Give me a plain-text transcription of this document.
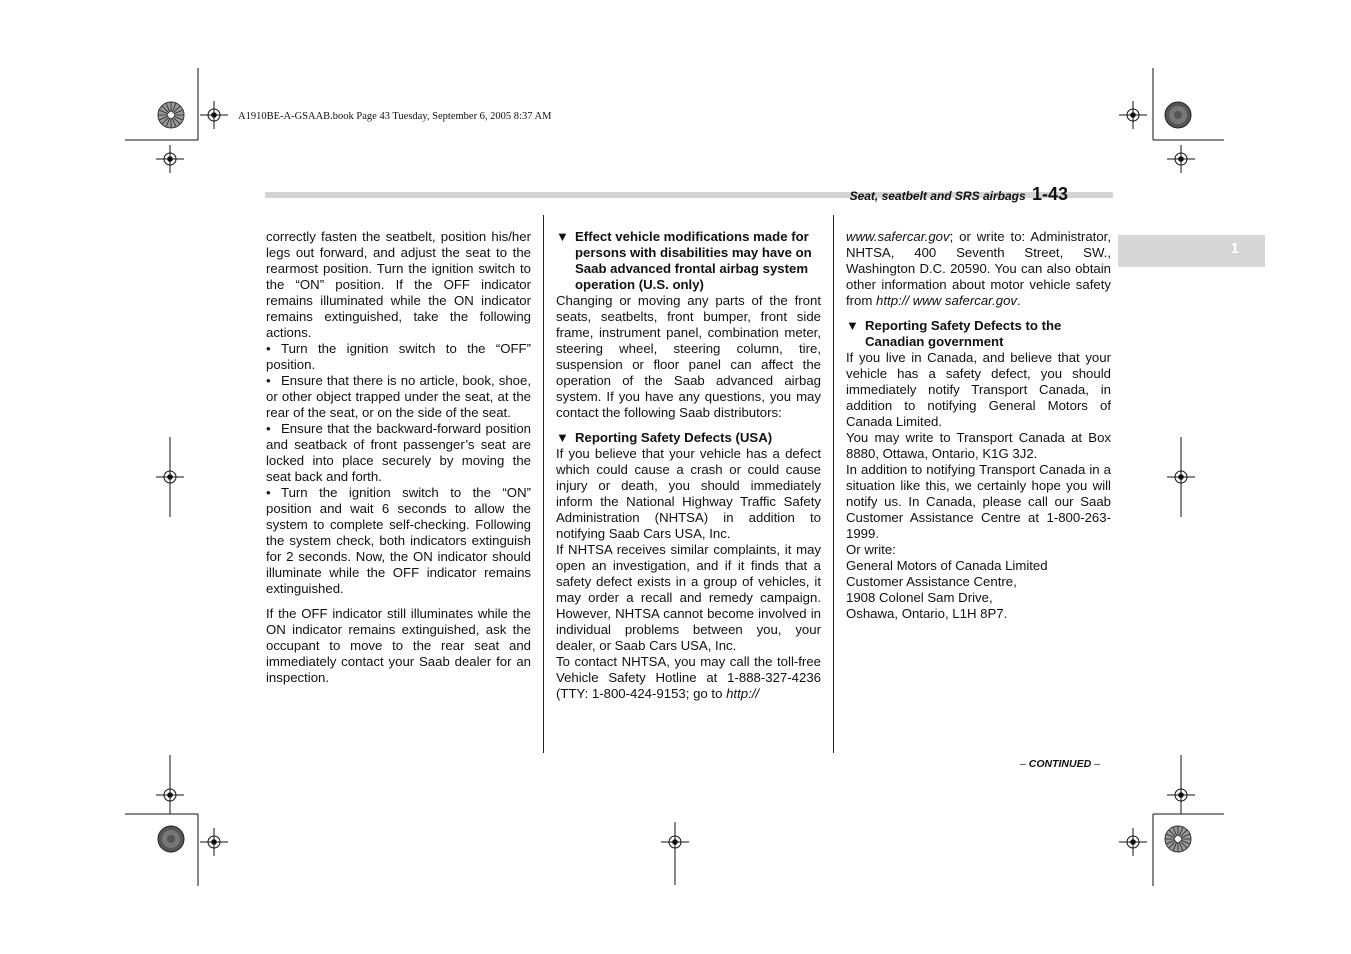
A1910BE-A-GSAAB.book Page 43 Tuesday, September 6, 2005 8:37 AM
Seat, seatbelt and SRS airbags 1-43
1

correctly fasten the seatbelt, position his/her legs out forward, and adjust the seat to the rearmost position. Turn the ignition switch to the “ON” position. If the OFF indicator remains illuminated while the ON indicator remains extinguished, take the following actions.

• Turn the ignition switch to the “OFF” position.

• Ensure that there is no article, book, shoe, or other object trapped under the seat, at the rear of the seat, or on the side of the seat.

• Ensure that the backward-forward position and seatback of front passenger’s seat are locked into place securely by moving the seat back and forth.

• Turn the ignition switch to the “ON” position and wait 6 seconds to allow the system to complete self-checking. Following the system check, both indicators extinguish for 2 seconds. Now, the ON indicator should illuminate while the OFF indicator remains extinguished.

If the OFF indicator still illuminates while the ON indicator remains extinguished, ask the occupant to move to the rear seat and immediately contact your Saab dealer for an inspection.

▼ Effect vehicle modifications made for persons with disabilities may have on Saab advanced frontal airbag system operation (U.S. only)

Changing or moving any parts of the front seats, seatbelts, front bumper, front side frame, instrument panel, combination meter, steering wheel, steering column, tire, suspension or floor panel can affect the operation of the Saab advanced airbag system. If you have any questions, you may contact the following Saab distributors:

▼ Reporting Safety Defects (USA)

If you believe that your vehicle has a defect which could cause a crash or could cause injury or death, you should immediately inform the National Highway Traffic Safety Administration (NHTSA) in addition to notifying Saab Cars USA, Inc.

If NHTSA receives similar complaints, it may open an investigation, and if it finds that a safety defect exists in a group of vehicles, it may order a recall and remedy campaign. However, NHTSA cannot become involved in individual problems between you, your dealer, or Saab Cars USA, Inc.

To contact NHTSA, you may call the toll-free Vehicle Safety Hotline at 1-888-327-4236 (TTY: 1-800-424-9153; go to http://

www.safercar.gov; or write to: Administrator, NHTSA, 400 Seventh Street, SW., Washington D.C. 20590. You can also obtain other information about motor vehicle safety from http:// www safercar.gov.

▼ Reporting Safety Defects to the Canadian government

If you live in Canada, and believe that your vehicle has a safety defect, you should immediately notify Transport Canada, in addition to notifying General Motors of Canada Limited.

You may write to Transport Canada at Box 8880, Ottawa, Ontario, K1G 3J2.

In addition to notifying Transport Canada in a situation like this, we certainly hope you will notify us. In Canada, please call our Saab Customer Assistance Centre at 1-800-263-1999.

Or write:

General Motors of Canada Limited

Customer Assistance Centre,

1908 Colonel Sam Drive,

Oshawa, Ontario, L1H 8P7.

– CONTINUED –
